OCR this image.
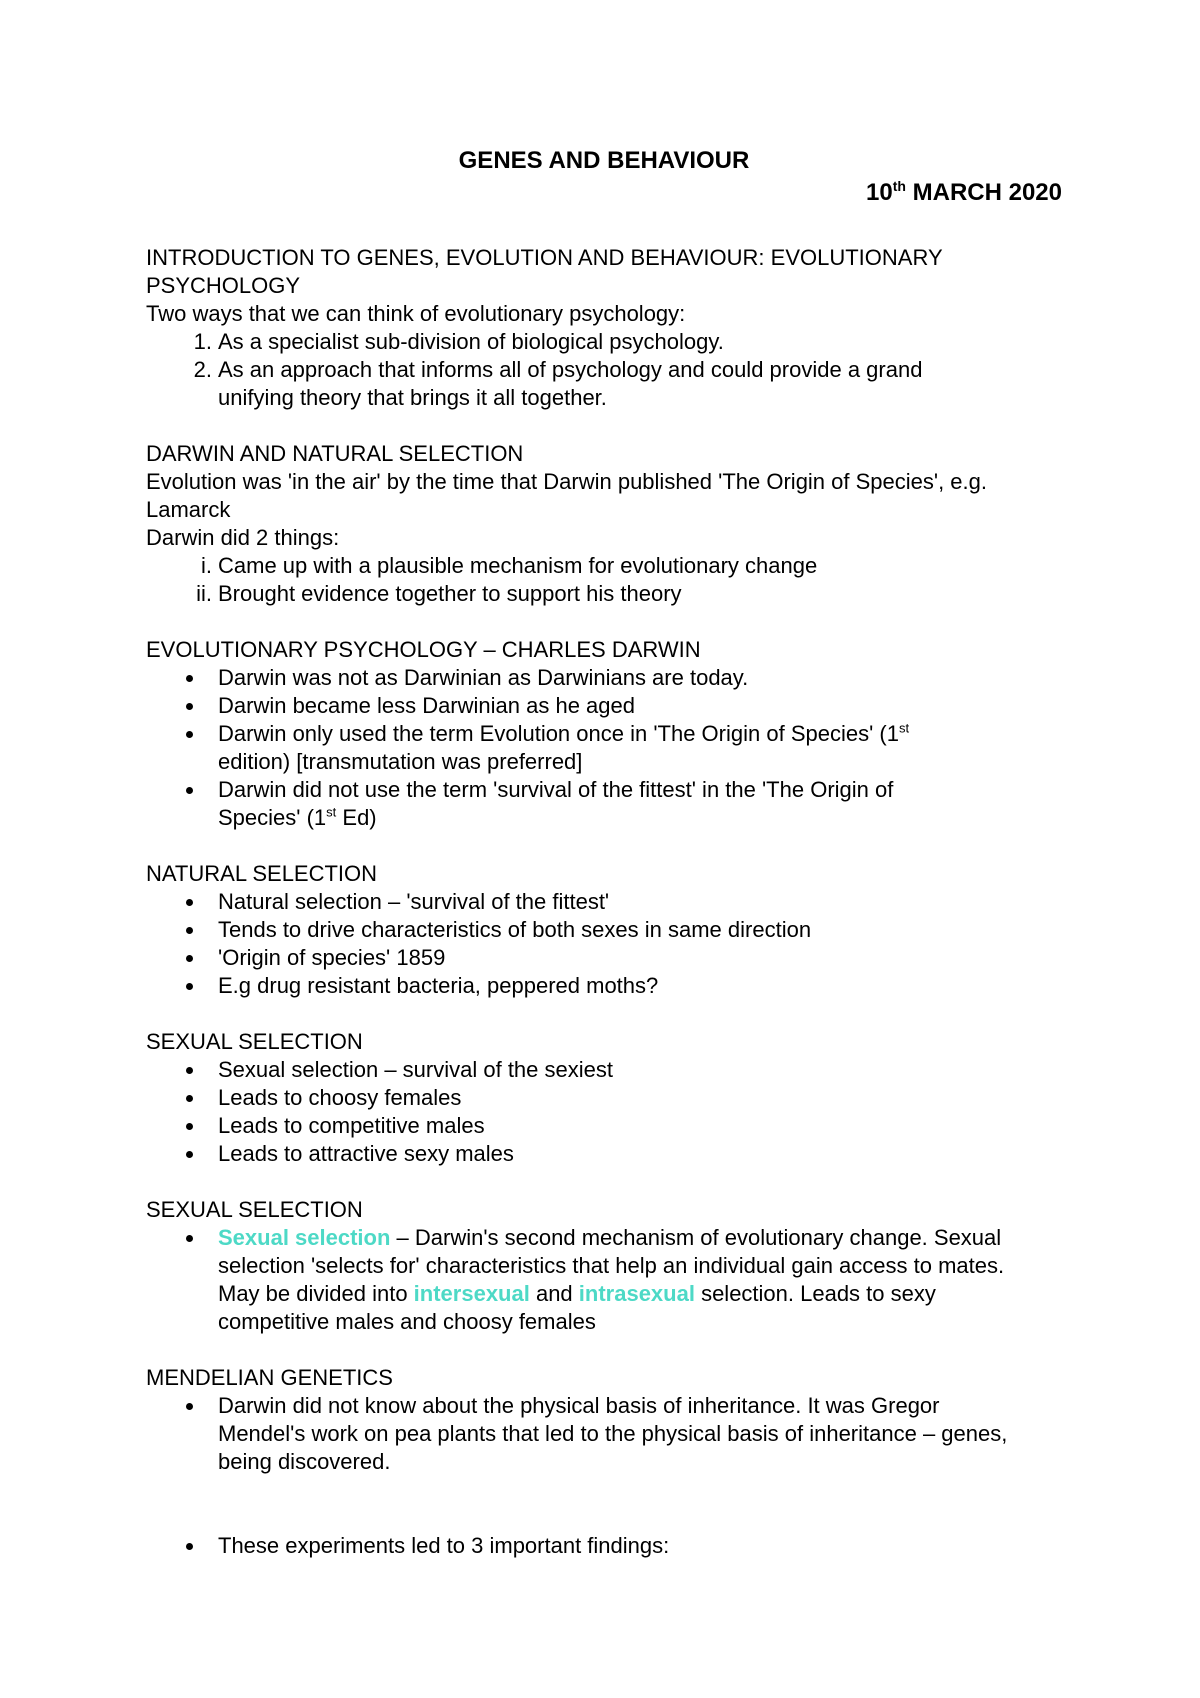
GENES AND BEHAVIOUR
10th MARCH 2020

INTRODUCTION TO GENES, EVOLUTION AND BEHAVIOUR: EVOLUTIONARY

PSYCHOLOGY

Two ways that we can think of evolutionary psychology:

1. As a specialist sub-division of biological psychology.
2. As an approach that informs all of psychology and could provide a grand unifying theory that brings it all together.

DARWIN AND NATURAL SELECTION

Evolution was 'in the air' by the time that Darwin published 'The Origin of Species', e.g. Lamarck

Darwin did 2 things:

i. Came up with a plausible mechanism for evolutionary change
ii. Brought evidence together to support his theory

EVOLUTIONARY PSYCHOLOGY – CHARLES DARWIN

Darwin was not as Darwinian as Darwinians are today.
Darwin became less Darwinian as he aged
Darwin only used the term Evolution once in 'The Origin of Species' (1st edition) [transmutation was preferred]
Darwin did not use the term 'survival of the fittest' in the 'The Origin of Species' (1st Ed)

NATURAL SELECTION

Natural selection – 'survival of the fittest'
Tends to drive characteristics of both sexes in same direction
'Origin of species' 1859
E.g drug resistant bacteria, peppered moths?

SEXUAL SELECTION

Sexual selection – survival of the sexiest
Leads to choosy females
Leads to competitive males
Leads to attractive sexy males

SEXUAL SELECTION

Sexual selection – Darwin's second mechanism of evolutionary change. Sexual selection 'selects for' characteristics that help an individual gain access to mates. May be divided into intersexual and intrasexual selection. Leads to sexy competitive males and choosy females

MENDELIAN GENETICS

Darwin did not know about the physical basis of inheritance. It was Gregor Mendel's work on pea plants that led to the physical basis of inheritance – genes, being discovered.
These experiments led to 3 important findings:
